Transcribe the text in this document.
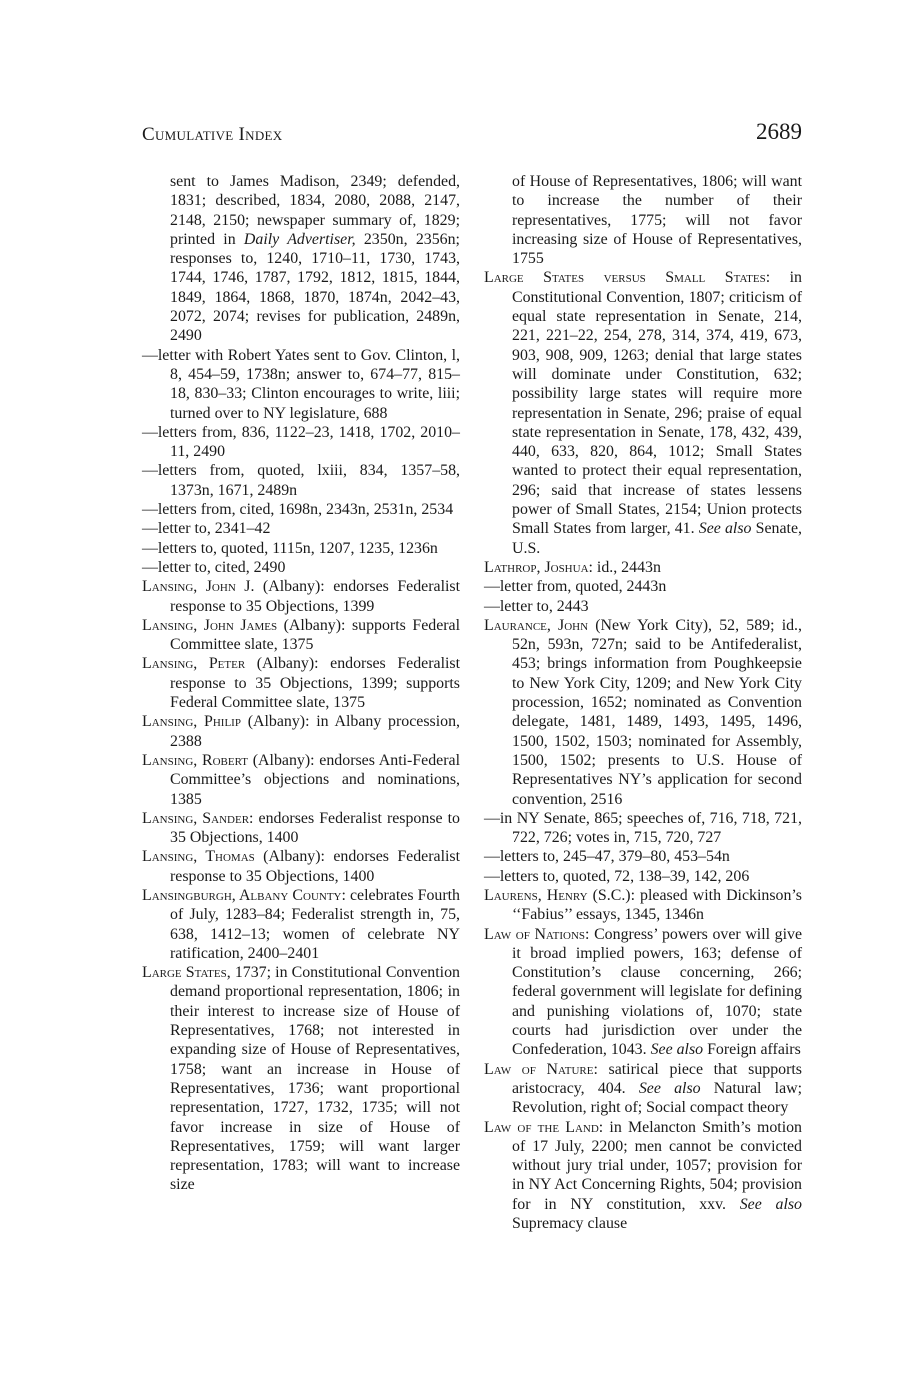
Cumulative Index	2689

sent to James Madison, 2349; defended, 1831; described, 1834, 2080, 2088, 2147, 2148, 2150; newspaper summary of, 1829; printed in Daily Advertiser, 2350n, 2356n; responses to, 1240, 1710–11, 1730, 1743, 1744, 1746, 1787, 1792, 1812, 1815, 1844, 1849, 1864, 1868, 1870, 1874n, 2042–43, 2072, 2074; revises for publication, 2489n, 2490

—letter with Robert Yates sent to Gov. Clinton, l, 8, 454–59, 1738n; answer to, 674–77, 815–18, 830–33; Clinton encourages to write, liii; turned over to NY legislature, 688

—letters from, 836, 1122–23, 1418, 1702, 2010–11, 2490

—letters from, quoted, lxiii, 834, 1357–58, 1373n, 1671, 2489n

—letters from, cited, 1698n, 2343n, 2531n, 2534

—letter to, 2341–42

—letters to, quoted, 1115n, 1207, 1235, 1236n

—letter to, cited, 2490

Lansing, John J. (Albany): endorses Federalist response to 35 Objections, 1399

Lansing, John James (Albany): supports Federal Committee slate, 1375

Lansing, Peter (Albany): endorses Federalist response to 35 Objections, 1399; supports Federal Committee slate, 1375

Lansing, Philip (Albany): in Albany procession, 2388

Lansing, Robert (Albany): endorses Anti-Federal Committee’s objections and nominations, 1385

Lansing, Sander: endorses Federalist response to 35 Objections, 1400

Lansing, Thomas (Albany): endorses Federalist response to 35 Objections, 1400

Lansingburgh, Albany County: celebrates Fourth of July, 1283–84; Federalist strength in, 75, 638, 1412–13; women of celebrate NY ratification, 2400–2401

Large States, 1737; in Constitutional Convention demand proportional representation, 1806; in their interest to increase size of House of Representatives, 1768; not interested in expanding size of House of Representatives, 1758; want an increase in House of Representatives, 1736; want proportional representation, 1727, 1732, 1735; will not favor increase in size of House of Representatives, 1759; will want larger representation, 1783; will want to increase size

of House of Representatives, 1806; will want to increase the number of their representatives, 1775; will not favor increasing size of House of Representatives, 1755

Large States versus Small States: in Constitutional Convention, 1807; criticism of equal state representation in Senate, 214, 221, 221–22, 254, 278, 314, 374, 419, 673, 903, 908, 909, 1263; denial that large states will dominate under Constitution, 632; possibility large states will require more representation in Senate, 296; praise of equal state representation in Senate, 178, 432, 439, 440, 633, 820, 864, 1012; Small States wanted to protect their equal representation, 296; said that increase of states lessens power of Small States, 2154; Union protects Small States from larger, 41. See also Senate, U.S.

Lathrop, Joshua: id., 2443n

—letter from, quoted, 2443n

—letter to, 2443

Laurance, John (New York City), 52, 589; id., 52n, 593n, 727n; said to be Antifederalist, 453; brings information from Poughkeepsie to New York City, 1209; and New York City procession, 1652; nominated as Convention delegate, 1481, 1489, 1493, 1495, 1496, 1500, 1502, 1503; nominated for Assembly, 1500, 1502; presents to U.S. House of Representatives NY’s application for second convention, 2516

—in NY Senate, 865; speeches of, 716, 718, 721, 722, 726; votes in, 715, 720, 727

—letters to, 245–47, 379–80, 453–54n

—letters to, quoted, 72, 138–39, 142, 206

Laurens, Henry (S.C.): pleased with Dickinson’s ‘‘Fabius’’ essays, 1345, 1346n

Law of Nations: Congress’ powers over will give it broad implied powers, 163; defense of Constitution’s clause concerning, 266; federal government will legislate for defining and punishing violations of, 1070; state courts had jurisdiction over under the Confederation, 1043. See also Foreign affairs

Law of Nature: satirical piece that supports aristocracy, 404. See also Natural law; Revolution, right of; Social compact theory

Law of the Land: in Melancton Smith’s motion of 17 July, 2200; men cannot be convicted without jury trial under, 1057; provision for in NY Act Concerning Rights, 504; provision for in NY constitution, xxv. See also Supremacy clause
